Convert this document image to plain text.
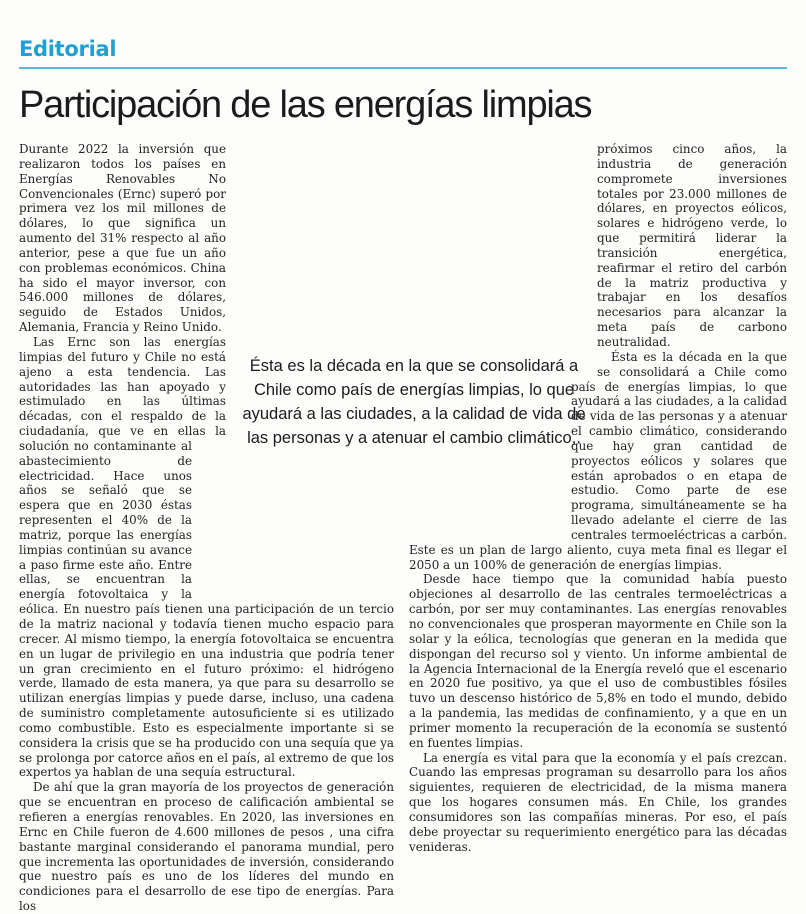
Editorial
Participación de las energías limpias

Durante 2022 la inversión que realizaron todos los países en Energías Renovables No Convencionales (Ernc) superó por primera vez los mil millones de dólares, lo que significa un aumento del 31% respecto al año anterior, pese a que fue un año con problemas económicos. China ha sido el mayor inversor, con 546.000 millones de dólares, seguido de Estados Unidos, Alemania, Francia y Reino Unido.

Las Ernc son las energías limpias del futuro y Chile no está ajeno a esta tendencia. Las autoridades las han apoyado y estimulado en las últimas décadas, con el respaldo de la ciudadanía, que ve en ellas la solución no contaminante al abastecimiento de electricidad. Hace unos años se señaló que se espera que en 2030 éstas representen el 40% de la matriz, porque las energías limpias continúan su avance a paso firme este año. Entre ellas, se encuentran la energía fotovoltaica y la eólica. En nuestro país tienen una participación de un tercio de la matriz nacional y todavía tienen mucho espacio para crecer. Al mismo tiempo, la energía fotovoltaica se encuentra en un lugar de privilegio en una industria que podría tener un gran crecimiento en el futuro próximo: el hidrógeno verde, llamado de esta manera, ya que para su desarrollo se utilizan energías limpias y puede darse, incluso, una cadena de suministro completamente autosuficiente si es utilizado como combustible. Esto es especialmente importante si se considera la crisis que se ha producido con una sequía que ya se prolonga por catorce años en el país, al extremo de que los expertos ya hablan de una sequía estructural.

De ahí que la gran mayoría de los proyectos de generación que se encuentran en proceso de calificación ambiental se refieren a energías renovables. En 2020, las inversiones en Ernc en Chile fueron de 4.600 millones de pesos , una cifra bastante marginal considerando el panorama mundial, pero que incrementa las oportunidades de inversión, considerando que nuestro país es uno de los líderes del mundo en condiciones para el desarrollo de ese tipo de energías. Para los

próximos cinco años, la industria de generación compromete inversiones totales por 23.000 millones de dólares, en proyectos eólicos, solares e hidrógeno verde, lo que permitirá liderar la transición energética, reafirmar el retiro del carbón de la matriz productiva y trabajar en los desafíos necesarios para alcanzar la meta país de carbono neutralidad.

Ésta es la década en la que se consolidará a Chile como país de energías limpias, lo que ayudará a las ciudades, a la calidad de vida de las personas y a atenuar el cambio climático, considerando que hay gran cantidad de proyectos eólicos y solares que están aprobados o en etapa de estudio. Como parte de ese programa, simultáneamente se ha llevado adelante el cierre de las centrales termoeléctricas a carbón. Este es un plan de largo aliento, cuya meta final es llegar el 2050 a un 100% de generación de energías limpias.

Desde hace tiempo que la comunidad había puesto objeciones al desarrollo de las centrales termoeléctricas a carbón, por ser muy contaminantes. Las energías renovables no convencionales que prosperan mayormente en Chile son la solar y la eólica, tecnologías que generan en la medida que dispongan del recurso sol y viento. Un informe ambiental de la Agencia Internacional de la Energía reveló que el escenario en 2020 fue positivo, ya que el uso de combustibles fósiles tuvo un descenso histórico de 5,8% en todo el mundo, debido a la pandemia, las medidas de confinamiento, y a que en un primer momento la recuperación de la economía se sustentó en fuentes limpias.

La energía es vital para que la economía y el país crezcan. Cuando las empresas programan su desarrollo para los años siguientes, requieren de electricidad, de la misma manera que los hogares consumen más. En Chile, los grandes consumidores son las compañías mineras. Por eso, el país debe proyectar su requerimiento energético para las décadas venideras.

Ésta es la década en la que se consolidará a Chile como país de energías limpias, lo que ayudará a las ciudades, a la calidad de vida de las personas y a atenuar el cambio climático,.
